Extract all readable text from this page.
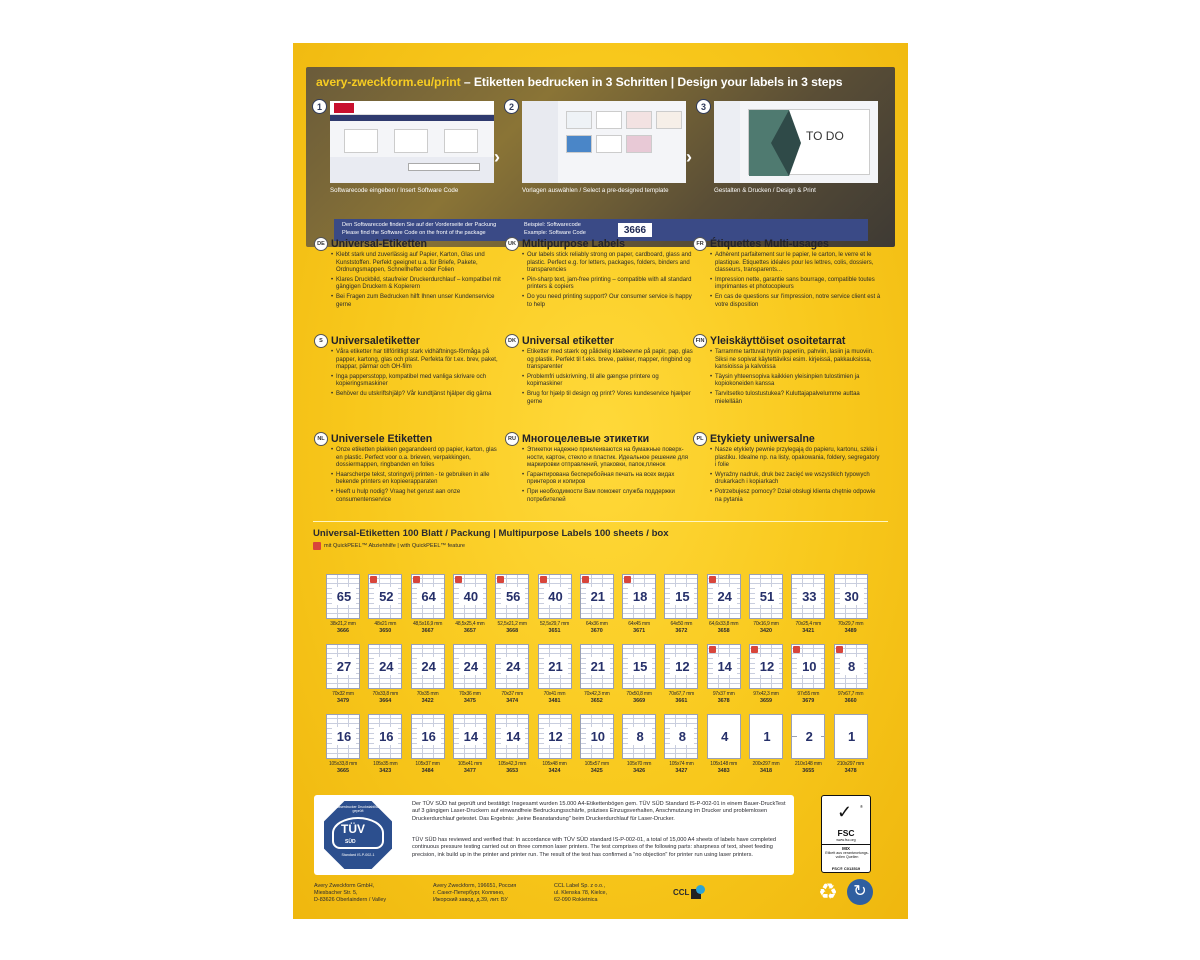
avery-zweckform.eu/print – Etiketten bedrucken in 3 Schritten | Design your labels in 3 steps
1
Softwarecode eingeben / Insert Software Code
›
2
Vorlagen auswählen / Select a pre-designed template
›
TO DO
3
Gestalten & Drucken / Design & Print
Den Softwarecode finden Sie auf der Vorderseite der Packung
Please find the Software Code on the front of the package
Beispiel: Softwarecode
Example: Software Code	3666
DE Universal-Etiketten
• Klebt stark und zuverlässig auf Papier, Karton, Glas und Kunststoffen. Perfekt geeignet u.a. für Briefe, Pakete, Ordnungsmappen, Schnellhefter oder Folien
• Klares Druckbild, staufreier Druckerdurchlauf – kompatibel mit gängigen Druckern & Kopierern
• Bei Fragen zum Bedrucken hilft Ihnen unser Kundenservice gerne
UK Multipurpose Labels
• Our labels stick reliably strong on paper, cardboard, glass and plastic. Perfect e.g. for letters, packages, folders, binders and transparencies
• Pin-sharp text, jam-free printing – compatible with all standard printers & copiers
• Do you need printing support? Our consumer service is happy to help
FR Étiquettes Multi-usages
• Adhèrent parfaitement sur le papier, le carton, le verre et le plastique. Etiquettes idéales pour les lettres, colis, dossiers, classeurs, transparents...
• Impression nette, garantie sans bourrage, compatible toutes imprimantes et photocopieurs
• En cas de questions sur l'impression, notre service client est à votre disposition
S Universaletiketter
• Våra etiketter har tillförlitligt stark vidhäftnings-förmåga på papper, kartong, glas och plast. Perfekta för t.ex. brev, paket, mappar, pärmar och OH-film
• Inga pappersstopp, kompatibel med vanliga skrivare och kopieringsmaskiner
• Behöver du utskriftshjälp? Vår kundtjänst hjälper dig gärna
DK Universal etiketter
• Etiketter med stærk og pålidelig klæbeevne på papir, pap, glas og plastik. Perfekt til f.eks. breve, pakker, mapper, ringbind og transparenter
• Problemfri udskrivning, til alle gængse printere og kopimaskiner
• Brug for hjælp til design og print? Vores kundeservice hjælper gerne
FIN Yleiskäyttöiset osoitetarrat
• Tarramme tarttuvat hyvin paperiin, pahviin, lasiin ja muoviin. Siksi ne sopivat käytettäviksi esim. kirjeissä, pakkauksissa, kansioissa ja kalvoissa
• Täysin yhteensopiva kaikkien yleisinpien tulostimien ja kopiokoneiden kanssa
• Tarvitsetko tulostustukea? Kuluttajapalvelumme auttaa mielellään
NL Universele Etiketten
• Onze etiketten plakken gegarandeerd op papier, karton, glas en plastic. Perfect voor o.a. brieven, verpakkingen, dossiermappen, ringbanden en folies
• Haarscherpe tekst, storingvrij printen - te gebruiken in alle bekende printers en kopieerapparaten
• Heeft u hulp nodig? Vraag het gerust aan onze consumentenservice
RU Многоцелевые этикетки
• Этикетки надежно приклеиваются на бумажные поверх-ности, картон, стекло и пластик. Идеальное решение для маркировки отправлений, упаковки, папок,пленок
• Гарантирована бесперебойная печать на всех видах принтеров и копиров
• При необходимости Вам поможет служба поддержки потребителей
PL Etykiety uniwersalne
• Nasze etykiety pewnie przylegają do papieru, kartonu, szkła i plastiku. Idealne np. na listy, opakowania, foldery, segregatory i folie
• Wyraźny nadruk, druk bez zacięć we wszystkich typowych drukarkach i kopiarkach
• Potrzebujesz pomocy? Dział obsługi klienta chętnie odpowie na pytania
Universal-Etiketten 100 Blatt / Packung | Multipurpose Labels 100 sheets / box
mit QuickPEEL™ Abziehhilfe | with QuickPEEL™ feature
65
38x21,2 mm
3666
52
48x21 mm
3650
64
48,5x16,9 mm
3667
40
48,5x25,4 mm
3657
56
52,5x21,2 mm
3668
40
52,5x29,7 mm
3651
21
64x36 mm
3670
18
64x45 mm
3671
15
64x50 mm
3672
24
64,6x33,8 mm
3658
51
70x16,9 mm
3420
33
70x25,4 mm
3421
30
70x29,7 mm
3489
27
70x32 mm
3479
24
70x33,8 mm
3664
24
70x35 mm
3422
24
70x36 mm
3475
24
70x37 mm
3474
21
70x41 mm
3481
21
70x42,3 mm
3652
15
70x50,8 mm
3669
12
70x67,7 mm
3661
14
97x37 mm
3678
12
97x42,3 mm
3659
10
97x55 mm
3679
8
97x67,7 mm
3660
16
105x33,8 mm
3665
16
105x35 mm
3423
16
105x37 mm
3484
14
105x41 mm
3477
14
105x42,3 mm
3653
12
105x48 mm
3424
10
105x57 mm
3425
8
105x70 mm
3426
8
105x74 mm
3427
4
105x148 mm
3483
1
200x297 mm
3418
2
210x148 mm
3655
1
210x297 mm
3478
Laserdrucker Druckstabilität geprüft
TÜV
SÜD
Standard IS-P-002-1
Der TÜV SÜD hat geprüft und bestätigt: Insgesamt wurden 15.000 A4-Etikettenbögen gem. TÜV SÜD Standard IS-P-002-01 in einem Bauer-DruckTest auf 3 gängigen Laser-Druckern auf einwandfreie Bedruckungsschärfe, präzises Einzugsverhalten, Anschmutzung im Drucker und problemlosen Druckerdurchlauf getestet. Das Ergebnis: „keine Beanstandung" beim Druckerdurchlauf für Laser-Drucker.
TÜV SÜD has reviewed and verified that: In accordance with TÜV SÜD standard IS-P-002-01, a total of 15,000 A4 sheets of labels have completed continuous pressure testing carried out on three common laser printers. The test comprises of the following parts: sharpness of text, sheet feeding precision, ink build up in the printer and printer run. The result of the test has confirmed a "no objection" for printer run using laser printers.
✓ ®
FSC
www.fsc.org
MIX
Etikett aus verantwortungs-vollen Quellen
FSC® C013519
Avery Zweckform GmbH,
Miesbacher Str. 5,
D-83626 Oberlaindern / Valley
Avery Zweckform, 196651, Россия
г. Санкт-Петербург, Колпино,
Ижорский завод, д.39, лит. БУ
CCL Label Sp. z o.o.,
ul. Klenska 78, Kielce,
62-090 Rokietnica
CCL	♻ ↻
